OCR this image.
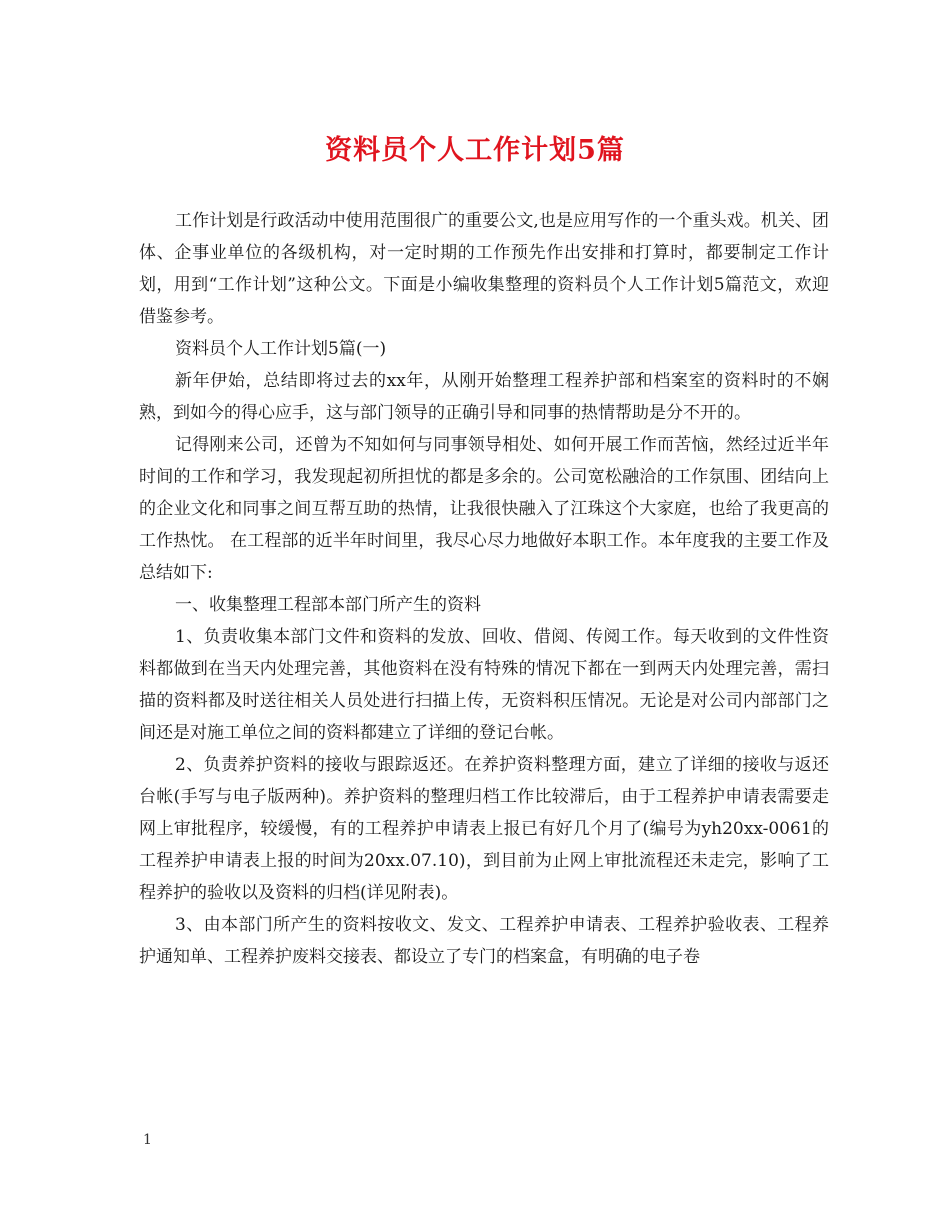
资料员个人工作计划5篇

工作计划是行政活动中使用范围很广的重要公文,也是应用写作的一个重头戏。机关、团体、企事业单位的各级机构，对一定时期的工作预先作出安排和打算时，都要制定工作计划，用到“工作计划”这种公文。下面是小编收集整理的资料员个人工作计划5篇范文，欢迎借鉴参考。

资料员个人工作计划5篇(一)

新年伊始，总结即将过去的xx年，从刚开始整理工程养护部和档案室的资料时的不娴熟，到如今的得心应手，这与部门领导的正确引导和同事的热情帮助是分不开的。

记得刚来公司，还曾为不知如何与同事领导相处、如何开展工作而苦恼，然经过近半年时间的工作和学习，我发现起初所担忧的都是多余的。公司宽松融洽的工作氛围、团结向上的企业文化和同事之间互帮互助的热情，让我很快融入了江珠这个大家庭，也给了我更高的工作热忱。 在工程部的近半年时间里，我尽心尽力地做好本职工作。本年度我的主要工作及总结如下:

一、收集整理工程部本部门所产生的资料

1、负责收集本部门文件和资料的发放、回收、借阅、传阅工作。每天收到的文件性资料都做到在当天内处理完善，其他资料在没有特殊的情况下都在一到两天内处理完善，需扫描的资料都及时送往相关人员处进行扫描上传，无资料积压情况。无论是对公司内部部门之间还是对施工单位之间的资料都建立了详细的登记台帐。

2、负责养护资料的接收与跟踪返还。在养护资料整理方面，建立了详细的接收与返还台帐(手写与电子版两种)。养护资料的整理归档工作比较滞后，由于工程养护申请表需要走网上审批程序，较缓慢，有的工程养护申请表上报已有好几个月了(编号为yh20xx-0061的工程养护申请表上报的时间为20xx.07.10)，到目前为止网上审批流程还未走完，影响了工程养护的验收以及资料的归档(详见附表)。

3、由本部门所产生的资料按收文、发文、工程养护申请表、工程养护验收表、工程养护通知单、工程养护废料交接表、都设立了专门的档案盒，有明确的电子卷

1
